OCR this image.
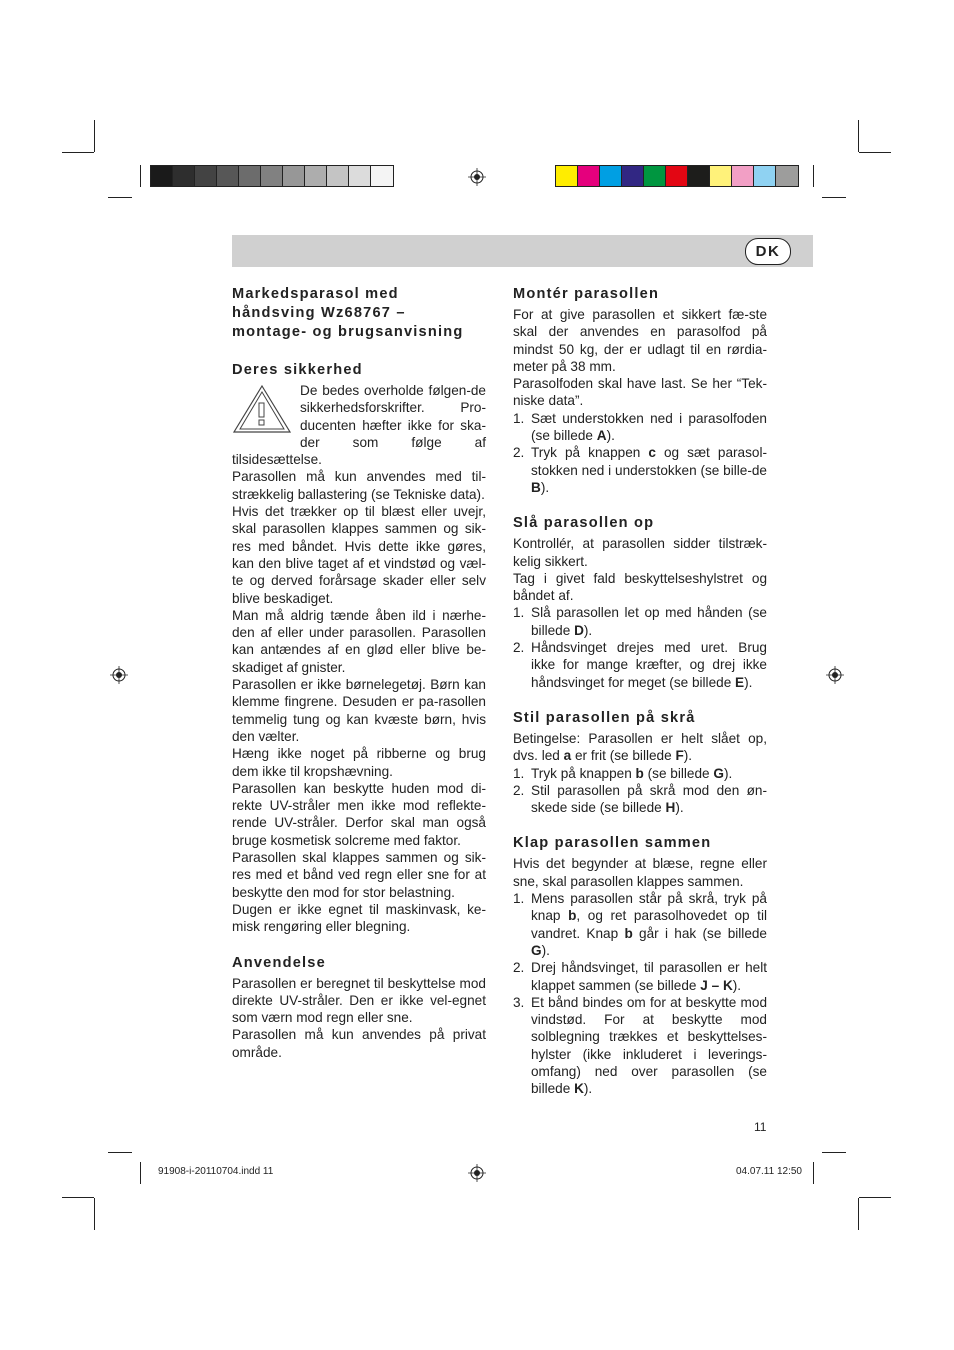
DK
Markedsparasol med
håndsving Wz68767 –
montage- og brugsanvisning
Deres sikkerhed

De bedes overholde følgen-de sikkerhedsforskrifter. Pro-ducenten hæfter ikke for ska-der som følge af tilsidesættelse.

Parasollen må kun anvendes med til-strækkelig ballastering (se Tekniske data).

Hvis det trækker op til blæst eller uvejr, skal parasollen klappes sammen og sik-res med båndet. Hvis dette ikke gøres, kan den blive taget af et vindstød og væl-te og derved forårsage skader eller selv blive beskadiget.

Man må aldrig tænde åben ild i nærhe-den af eller under parasollen. Parasollen kan antændes af en glød eller blive be-skadiget af gnister.

Parasollen er ikke børnelegetøj. Børn kan klemme fingrene. Desuden er pa-rasollen temmelig tung og kan kvæste børn, hvis den vælter.

Hæng ikke noget på ribberne og brug dem ikke til kropshævning.

Parasollen kan beskytte huden mod di-rekte UV-stråler men ikke mod reflekte-rende UV-stråler. Derfor skal man også bruge kosmetisk solcreme med faktor.

Parasollen skal klappes sammen og sik-res med et bånd ved regn eller sne for at beskytte den mod for stor belastning.

Dugen er ikke egnet til maskinvask, ke-misk rengøring eller blegning.

Anvendelse

Parasollen er beregnet til beskyttelse mod direkte UV-stråler. Den er ikke vel-egnet som værn mod regn eller sne.

Parasollen må kun anvendes på privat område.

Montér parasollen

For at give parasollen et sikkert fæ-ste skal der anvendes en parasolfod på mindst 50 kg, der er udlagt til en rørdia-meter på 38 mm.

Parasolfoden skal have last. Se her “Tek-niske data”.

1. Sæt understokken ned i parasolfoden (se billede A).
2. Tryk på knappen c og sæt parasol-stokken ned i understokken (se bille-de B).
Slå parasollen op

Kontrollér, at parasollen sidder tilstræk-kelig sikkert.

Tag i givet fald beskyttelseshylstret og båndet af.

1. Slå parasollen let op med hånden (se billede D).
2. Håndsvinget drejes med uret. Brug ikke for mange kræfter, og drej ikke håndsvinget for meget (se billede E).
Stil parasollen på skrå

Betingelse: Parasollen er helt slået op, dvs. led a er frit (se billede F).

1. Tryk på knappen b (se billede G).
2. Stil parasollen på skrå mod den øn-skede side (se billede H).
Klap parasollen sammen

Hvis det begynder at blæse, regne eller sne, skal parasollen klappes sammen.

1. Mens parasollen står på skrå, tryk på knap b, og ret parasolhovedet op til vandret. Knap b går i hak (se billede G).
2. Drej håndsvinget, til parasollen er helt klappet sammen (se billede J – K).
3. Et bånd bindes om for at beskytte mod vindstød. For at beskytte mod solblegning trækkes et beskyttelses-hylster (ikke inkluderet i leverings-omfang) ned over parasollen (se billede K).
11
91908-i-20110704.indd 11	04.07.11 12:50
